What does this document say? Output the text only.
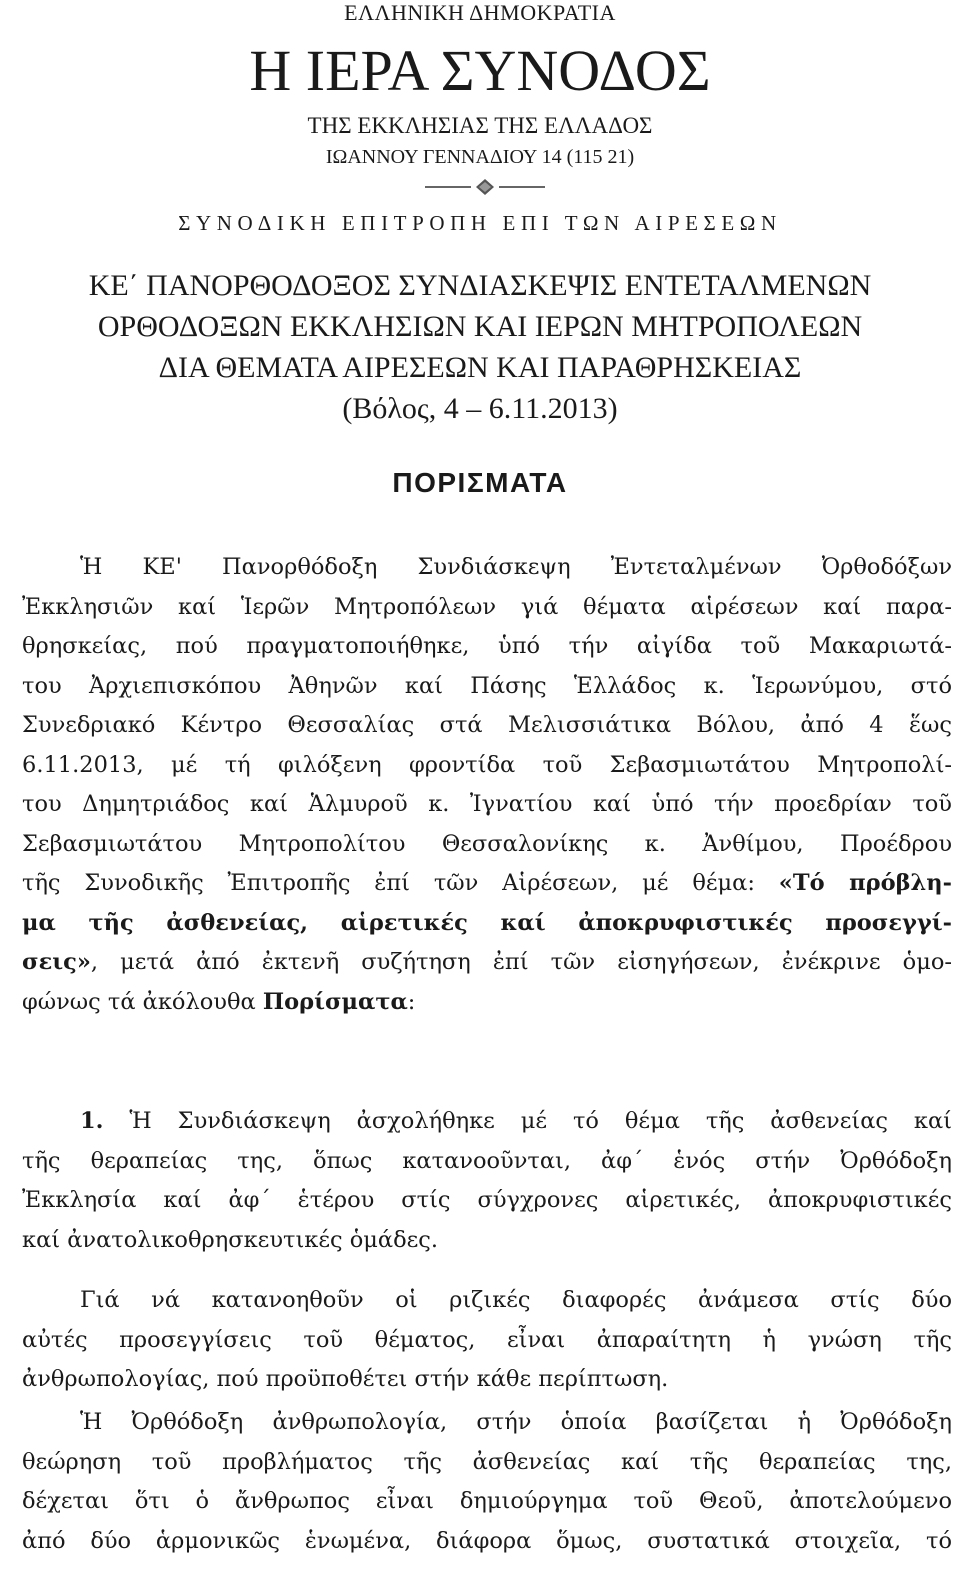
ΕΛΛΗΝΙΚΗ ΔΗΜΟΚΡΑΤΙΑ
Η ΙΕΡΑ ΣΥΝΟΔΟΣ
ΤΗΣ ΕΚΚΛΗΣΙΑΣ ΤΗΣ ΕΛΛΑΔΟΣ
ΙΩΑΝΝΟΥ ΓΕΝΝΑΔΙΟΥ 14 (115 21)
ΣΥΝΟΔΙΚΗ ΕΠΙΤΡΟΠΗ ΕΠΙ ΤΩΝ ΑΙΡΕΣΕΩΝ
ΚΕ΄ ΠΑΝΟΡΘΟΔΟΞΟΣ ΣΥΝΔΙΑΣΚΕΨΙΣ ΕΝΤΕΤΑΛΜΕΝΩΝ
ΟΡΘΟΔΟΞΩΝ ΕΚΚΛΗΣΙΩΝ ΚΑΙ ΙΕΡΩΝ ΜΗΤΡΟΠΟΛΕΩΝ
ΔΙΑ ΘΕΜΑΤΑ ΑΙΡΕΣΕΩΝ ΚΑΙ ΠΑΡΑΘΡΗΣΚΕΙΑΣ
(Βόλος, 4 – 6.11.2013)
ΠΟΡΙΣΜΑΤΑ
Ἡ ΚΕ' Πανορθόδοξη Συνδιάσκεψη Ἐντεταλμένων Ὀρθοδόξων
Ἐκκλησιῶν καί Ἱερῶν Μητροπόλεων γιά θέματα αἱρέσεων καί παρα-
θρησκείας, πού πραγματοποιήθηκε, ὑπό τήν αἰγίδα τοῦ Μακαριωτά-
του Ἀρχιεπισκόπου Ἀθηνῶν καί Πάσης Ἑλλάδος κ. Ἱερωνύμου, στό
Συνεδριακό Κέντρο Θεσσαλίας στά Μελισσιάτικα Βόλου, ἀπό 4 ἕως
6.11.2013, μέ τή φιλόξενη φροντίδα τοῦ Σεβασμιωτάτου Μητροπολί-
του Δημητριάδος καί Ἁλμυροῦ κ. Ἰγνατίου καί ὑπό τήν προεδρίαν τοῦ
Σεβασμιωτάτου Μητροπολίτου Θεσσαλονίκης κ. Ἀνθίμου, Προέδρου
τῆς Συνοδικῆς Ἐπιτροπῆς ἐπί τῶν Αἱρέσεων, μέ θέμα: «Τό πρόβλη-
μα τῆς ἀσθενείας, αἱρετικές καί ἀποκρυφιστικές προσεγγί-
σεις», μετά ἀπό ἐκτενῆ συζήτηση ἐπί τῶν εἰσηγήσεων, ἐνέκρινε ὁμο-
φώνως τά ἀκόλουθα Πορίσματα:
1. Ἡ Συνδιάσκεψη ἀσχολήθηκε μέ τό θέμα τῆς ἀσθενείας καί
τῆς θεραπείας της, ὅπως κατανοοῦνται, ἀφ΄ ἑνός στήν Ὀρθόδοξη
Ἐκκλησία καί ἀφ΄ ἑτέρου στίς σύγχρονες αἱρετικές, ἀποκρυφιστικές
καί ἀνατολικοθρησκευτικές ὁμάδες.
Γιά νά κατανοηθοῦν οἱ ριζικές διαφορές ἀνάμεσα στίς δύο
αὐτές προσεγγίσεις τοῦ θέματος, εἶναι ἀπαραίτητη ἡ γνώση τῆς
ἀνθρωπολογίας, πού προϋποθέτει στήν κάθε περίπτωση.
Ἡ Ὀρθόδοξη ἀνθρωπολογία, στήν ὁποία βασίζεται ἡ Ὀρθόδοξη
θεώρηση τοῦ προβλήματος τῆς ἀσθενείας καί τῆς θεραπείας της,
δέχεται ὅτι ὁ ἄνθρωπος εἶναι δημιούργημα τοῦ Θεοῦ, ἀποτελούμενο
ἀπό δύο ἁρμονικῶς ἑνωμένα, διάφορα ὅμως, συστατικά στοιχεῖα, τό
